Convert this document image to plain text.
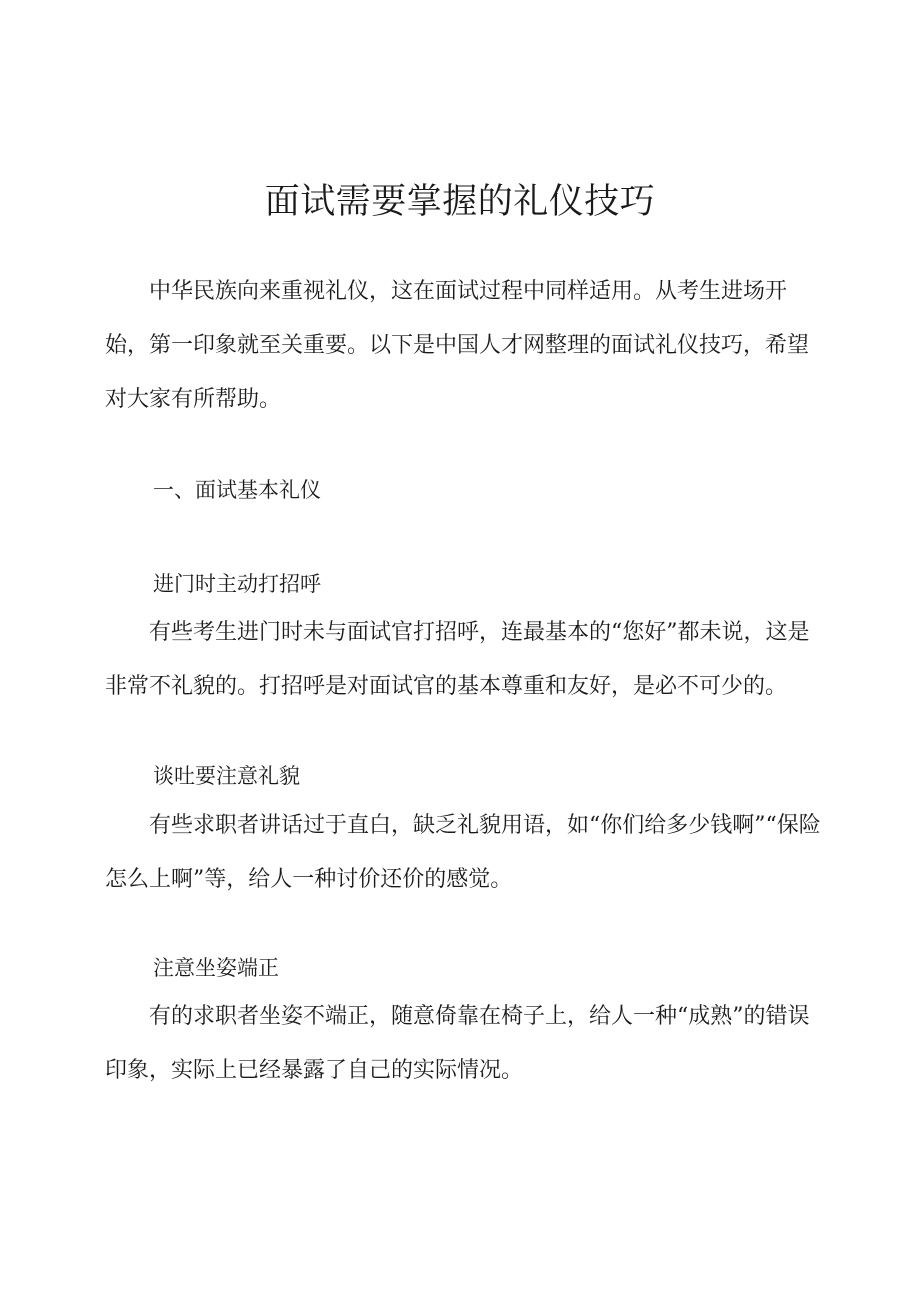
面试需要掌握的礼仪技巧

中华民族向来重视礼仪，这在面试过程中同样适用。从考生进场开始，第一印象就至关重要。以下是中国人才网整理的面试礼仪技巧，希望对大家有所帮助。

一、面试基本礼仪
进门时主动打招呼

有些考生进门时未与面试官打招呼，连最基本的“您好”都未说，这是非常不礼貌的。打招呼是对面试官的基本尊重和友好，是必不可少的。

谈吐要注意礼貌

有些求职者讲话过于直白，缺乏礼貌用语，如“你们给多少钱啊”“保险怎么上啊”等，给人一种讨价还价的感觉。

注意坐姿端正

有的求职者坐姿不端正，随意倚靠在椅子上，给人一种“成熟”的错误印象，实际上已经暴露了自己的实际情况。
